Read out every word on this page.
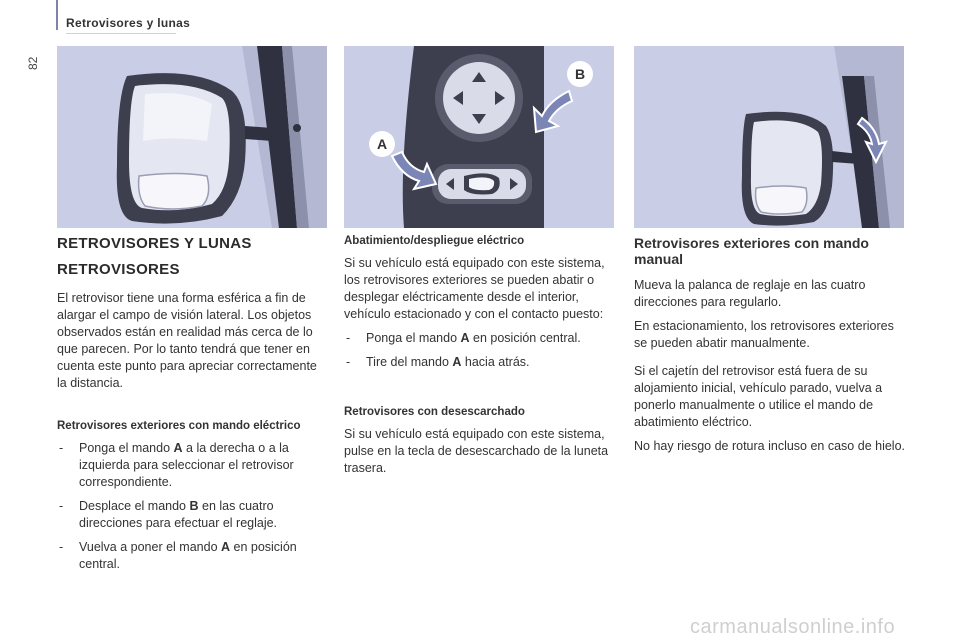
82
Retrovisores y lunas
B
A
RETROVISORES Y LUNAS
RETROVISORES

El retrovisor tiene una forma esférica a fin de alargar el campo de visión lateral. Los objetos observados están en realidad más cerca de lo que parecen. Por lo tanto tendrá que tener en cuenta este punto para apreciar correctamente la distancia.

Retrovisores exteriores con mando eléctrico
- Ponga el mando A a la derecha o a la izquierda para seleccionar el retrovisor correspondiente.
- Desplace el mando B en las cuatro direcciones para efectuar el reglaje.
- Vuelva a poner el mando A en posición central.
Abatimiento/despliegue eléctrico

Si su vehículo está equipado con este sistema, los retrovisores exteriores se pueden abatir o desplegar eléctricamente desde el interior, vehículo estacionado y con el contacto puesto:

- Ponga el mando A en posición central.
- Tire del mando A hacia atrás.
Retrovisores con desescarchado

Si su vehículo está equipado con este sistema, pulse en la tecla de desescarchado de la luneta trasera.

Retrovisores exteriores con mando manual

Mueva la palanca de reglaje en las cuatro direcciones para regularlo.

En estacionamiento, los retrovisores exteriores se pueden abatir manualmente.

Si el cajetín del retrovisor está fuera de su alojamiento inicial, vehículo parado, vuelva a ponerlo manualmente o utilice el mando de abatimiento eléctrico.

No hay riesgo de rotura incluso en caso de hielo.

carmanualsonline.info
